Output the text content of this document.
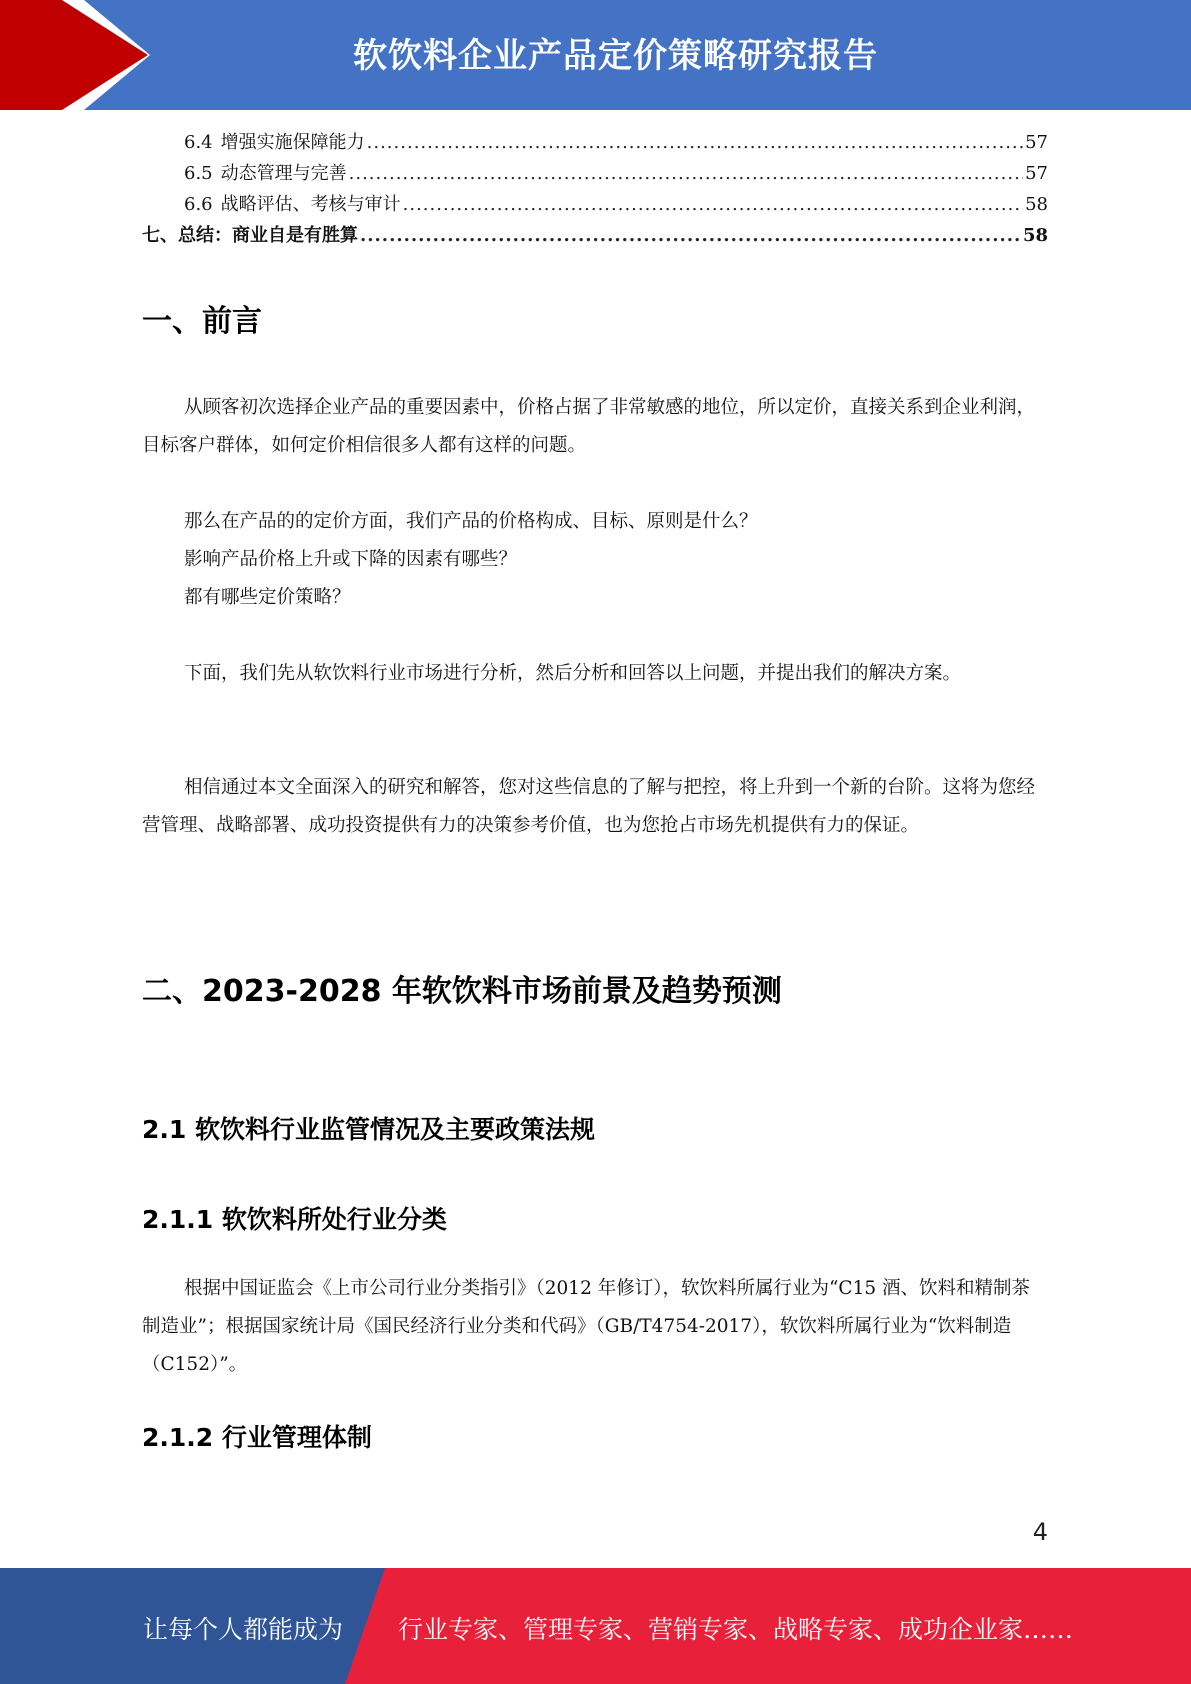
软饮料企业产品定价策略研究报告
6.4 增强实施保障能力 .....	57
6.5 动态管理与完善 .....	57
6.6 战略评估、考核与审计 .....	58
七、总结：商业自是有胜算 .....	58
一、前言
从顾客初次选择企业产品的重要因素中，价格占据了非常敏感的地位，所以定价，直接关系到企业利润，目标客户群体，如何定价相信很多人都有这样的问题。
那么在产品的的定价方面，我们产品的价格构成、目标、原则是什么？
影响产品价格上升或下降的因素有哪些？
都有哪些定价策略？
下面，我们先从软饮料行业市场进行分析，然后分析和回答以上问题，并提出我们的解决方案。
相信通过本文全面深入的研究和解答，您对这些信息的了解与把控，将上升到一个新的台阶。这将为您经营管理、战略部署、成功投资提供有力的决策参考价值，也为您抢占市场先机提供有力的保证。
二、2023-2028 年软饮料市场前景及趋势预测
2.1 软饮料行业监管情况及主要政策法规
2.1.1 软饮料所处行业分类
根据中国证监会《上市公司行业分类指引》（2012 年修订），软饮料所属行业为“C15 酒、饮料和精制茶制造业”；根据国家统计局《国民经济行业分类和代码》（GB/T4754-2017），软饮料所属行业为“饮料制造（C152）”。
2.1.2 行业管理体制
4
让每个人都能成为 行业专家、管理专家、营销专家、战略专家、成功企业家……
